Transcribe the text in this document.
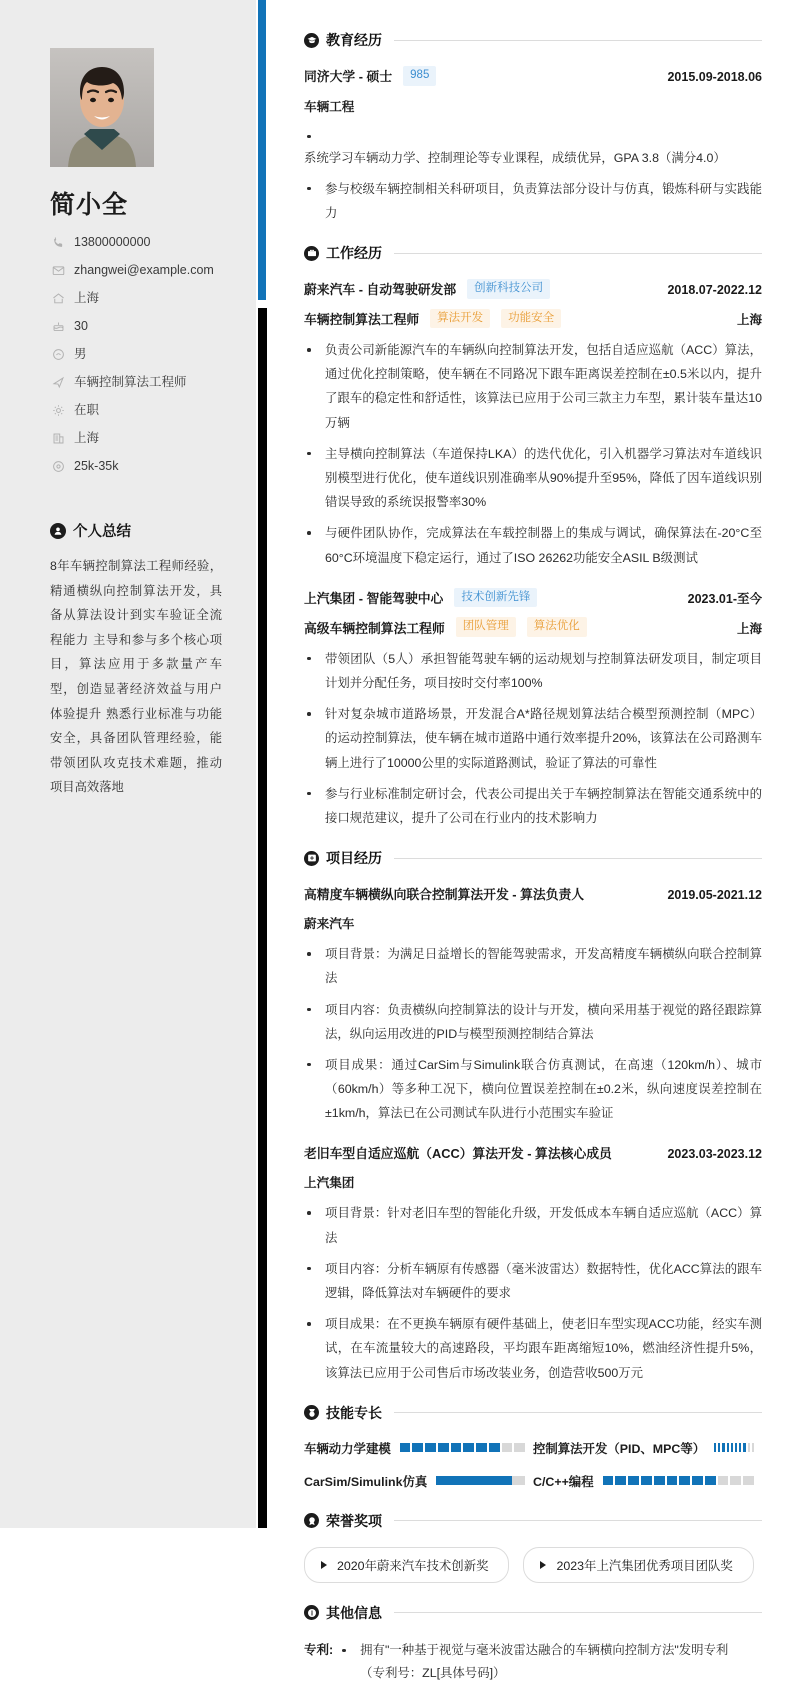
简小全
13800000000
zhangwei@example.com
上海
30
男
车辆控制算法工程师
在职
上海
25k-35k
个人总结
8年车辆控制算法工程师经验，精通横纵向控制算法开发，具备从算法设计到实车验证全流程能力 主导和参与多个核心项目，算法应用于多款量产车型，创造显著经济效益与用户体验提升 熟悉行业标准与功能安全，具备团队管理经验，能带领团队攻克技术难题，推动项目高效落地
教育经历
同济大学 - 硕士	985	2015.09-2018.06
车辆工程
系统学习车辆动力学、控制理论等专业课程，成绩优异，GPA 3.8（满分4.0）
参与校级车辆控制相关科研项目，负责算法部分设计与仿真，锻炼科研与实践能力
工作经历
蔚来汽车 - 自动驾驶研发部	创新科技公司	2018.07-2022.12
车辆控制算法工程师	算法开发	功能安全	上海
负责公司新能源汽车的车辆纵向控制算法开发，包括自适应巡航（ACC）算法，通过优化控制策略，使车辆在不同路况下跟车距离误差控制在±0.5米以内，提升了跟车的稳定性和舒适性，该算法已应用于公司三款主力车型，累计装车量达10万辆
主导横向控制算法（车道保持LKA）的迭代优化，引入机器学习算法对车道线识别模型进行优化，使车道线识别准确率从90%提升至95%，降低了因车道线识别错误导致的系统误报警率30%
与硬件团队协作，完成算法在车载控制器上的集成与调试，确保算法在-20°C至60°C环境温度下稳定运行，通过了ISO 26262功能安全ASIL B级测试
上汽集团 - 智能驾驶中心	技术创新先锋	2023.01-至今
高级车辆控制算法工程师	团队管理	算法优化	上海
带领团队（5人）承担智能驾驶车辆的运动规划与控制算法研发项目，制定项目计划并分配任务，项目按时交付率100%
针对复杂城市道路场景，开发混合A*路径规划算法结合模型预测控制（MPC）的运动控制算法，使车辆在城市道路中通行效率提升20%，该算法在公司路测车辆上进行了10000公里的实际道路测试，验证了算法的可靠性
参与行业标准制定研讨会，代表公司提出关于车辆控制算法在智能交通系统中的接口规范建议，提升了公司在行业内的技术影响力
项目经历
高精度车辆横纵向联合控制算法开发 - 算法负责人	2019.05-2021.12
蔚来汽车
项目背景：为满足日益增长的智能驾驶需求，开发高精度车辆横纵向联合控制算法
项目内容：负责横纵向控制算法的设计与开发，横向采用基于视觉的路径跟踪算法，纵向运用改进的PID与模型预测控制结合算法
项目成果：通过CarSim与Simulink联合仿真测试，在高速（120km/h）、城市（60km/h）等多种工况下，横向位置误差控制在±0.2米，纵向速度误差控制在±1km/h，算法已在公司测试车队进行小范围实车验证
老旧车型自适应巡航（ACC）算法开发 - 算法核心成员	2023.03-2023.12
上汽集团
项目背景：针对老旧车型的智能化升级，开发低成本车辆自适应巡航（ACC）算法
项目内容：分析车辆原有传感器（毫米波雷达）数据特性，优化ACC算法的跟车逻辑，降低算法对车辆硬件的要求
项目成果：在不更换车辆原有硬件基础上，使老旧车型实现ACC功能，经实车测试，在车流量较大的高速路段，平均跟车距离缩短10%，燃油经济性提升5%，该算法已应用于公司售后市场改装业务，创造营收500万元
技能专长
车辆动力学建模	控制算法开发（PID、MPC等）
CarSim/Simulink仿真	C/C++编程
荣誉奖项
2020年蔚来汽车技术创新奖	2023年上汽集团优秀项目团队奖
其他信息
专利:	拥有"一种基于视觉与毫米波雷达融合的车辆横向控制方法"发明专利
（专利号：ZL[具体号码]）
